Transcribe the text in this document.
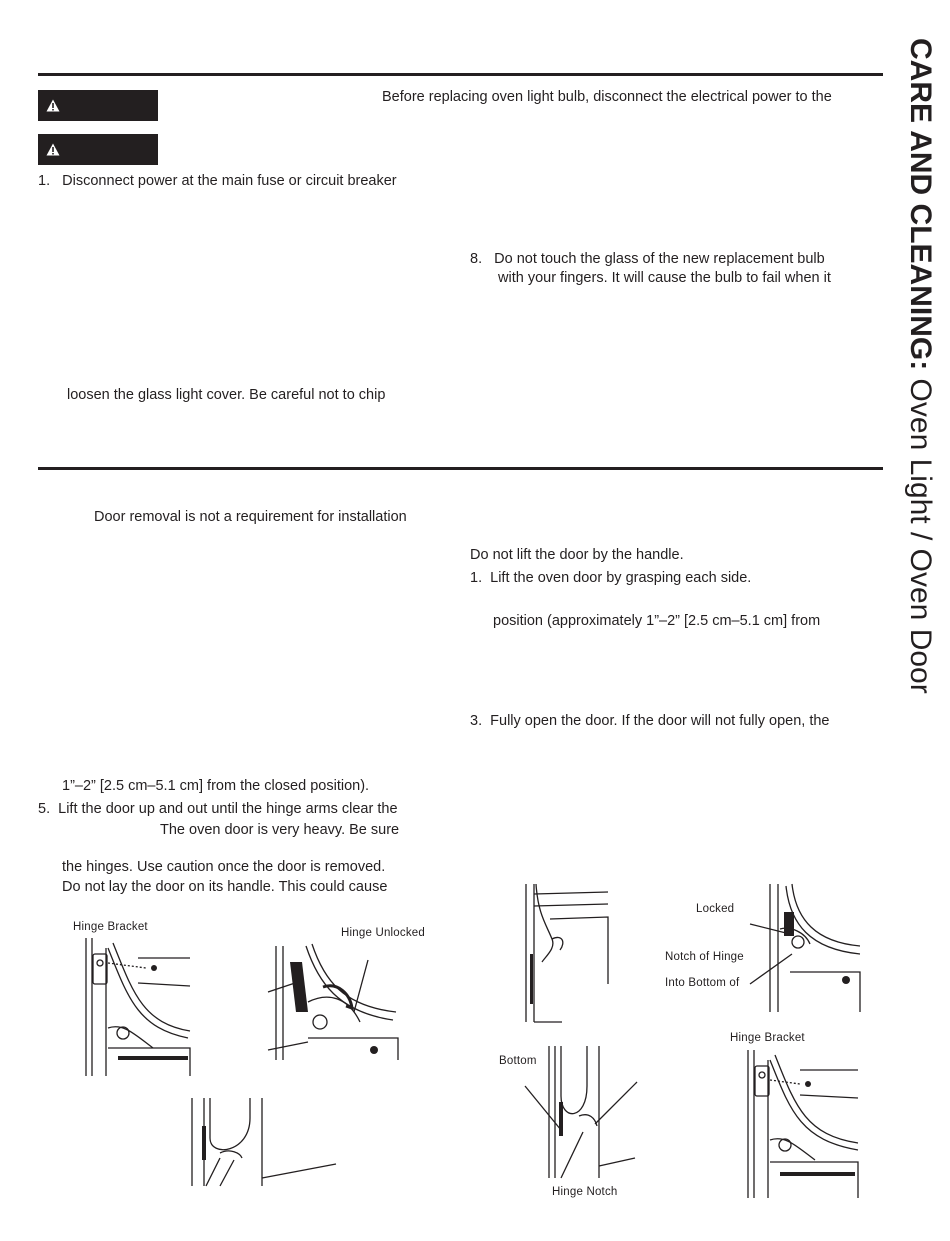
CARE AND CLEANING: Oven Light / Oven Door
Before replacing oven light bulb, disconnect the electrical power to the
1.   Disconnect power at the main fuse or circuit breaker
loosen the glass light cover. Be careful not to chip
8.   Do not touch the glass of the new replacement bulb
with your fingers. It will cause the bulb to fail when it
Door removal is not a requirement for installation
1”–2” [2.5 cm–5.1 cm] from the closed position).
5.  Lift the door up and out until the hinge arms clear the
The oven door is very heavy. Be sure
the hinges. Use caution once the door is removed.
Do not lay the door on its handle. This could cause
Do not lift the door by the handle.
1.  Lift the oven door by grasping each side.
position (approximately 1”–2” [2.5 cm–5.1 cm] from
3.  Fully open the door. If the door will not fully open, the
Hinge Bracket	Hinge Unlocked
Locked
Notch of Hinge
Into Bottom of
Bottom
Hinge Bracket
Hinge Notch
